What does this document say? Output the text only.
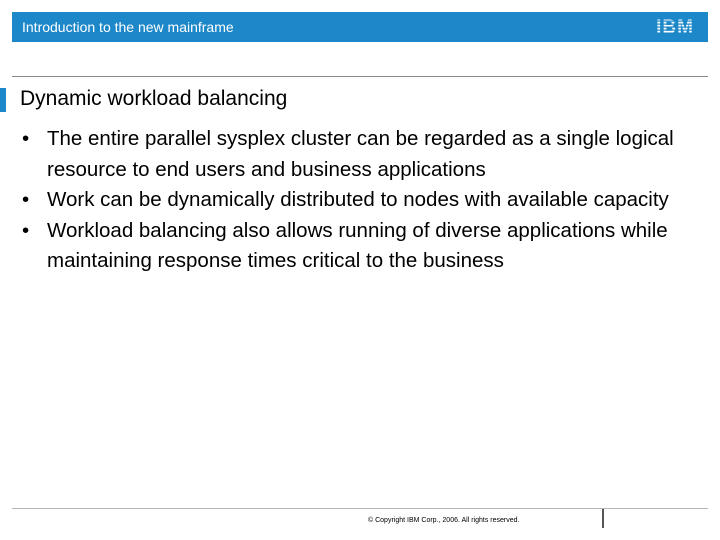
Introduction to the new mainframe
Dynamic workload balancing
• The entire parallel sysplex cluster can be regarded as a single logical resource to end users and business applications
• Work can be dynamically distributed to nodes with available capacity
• Workload balancing also allows running of diverse applications while maintaining response times critical to the business
© Copyright IBM Corp., 2006. All rights reserved.
